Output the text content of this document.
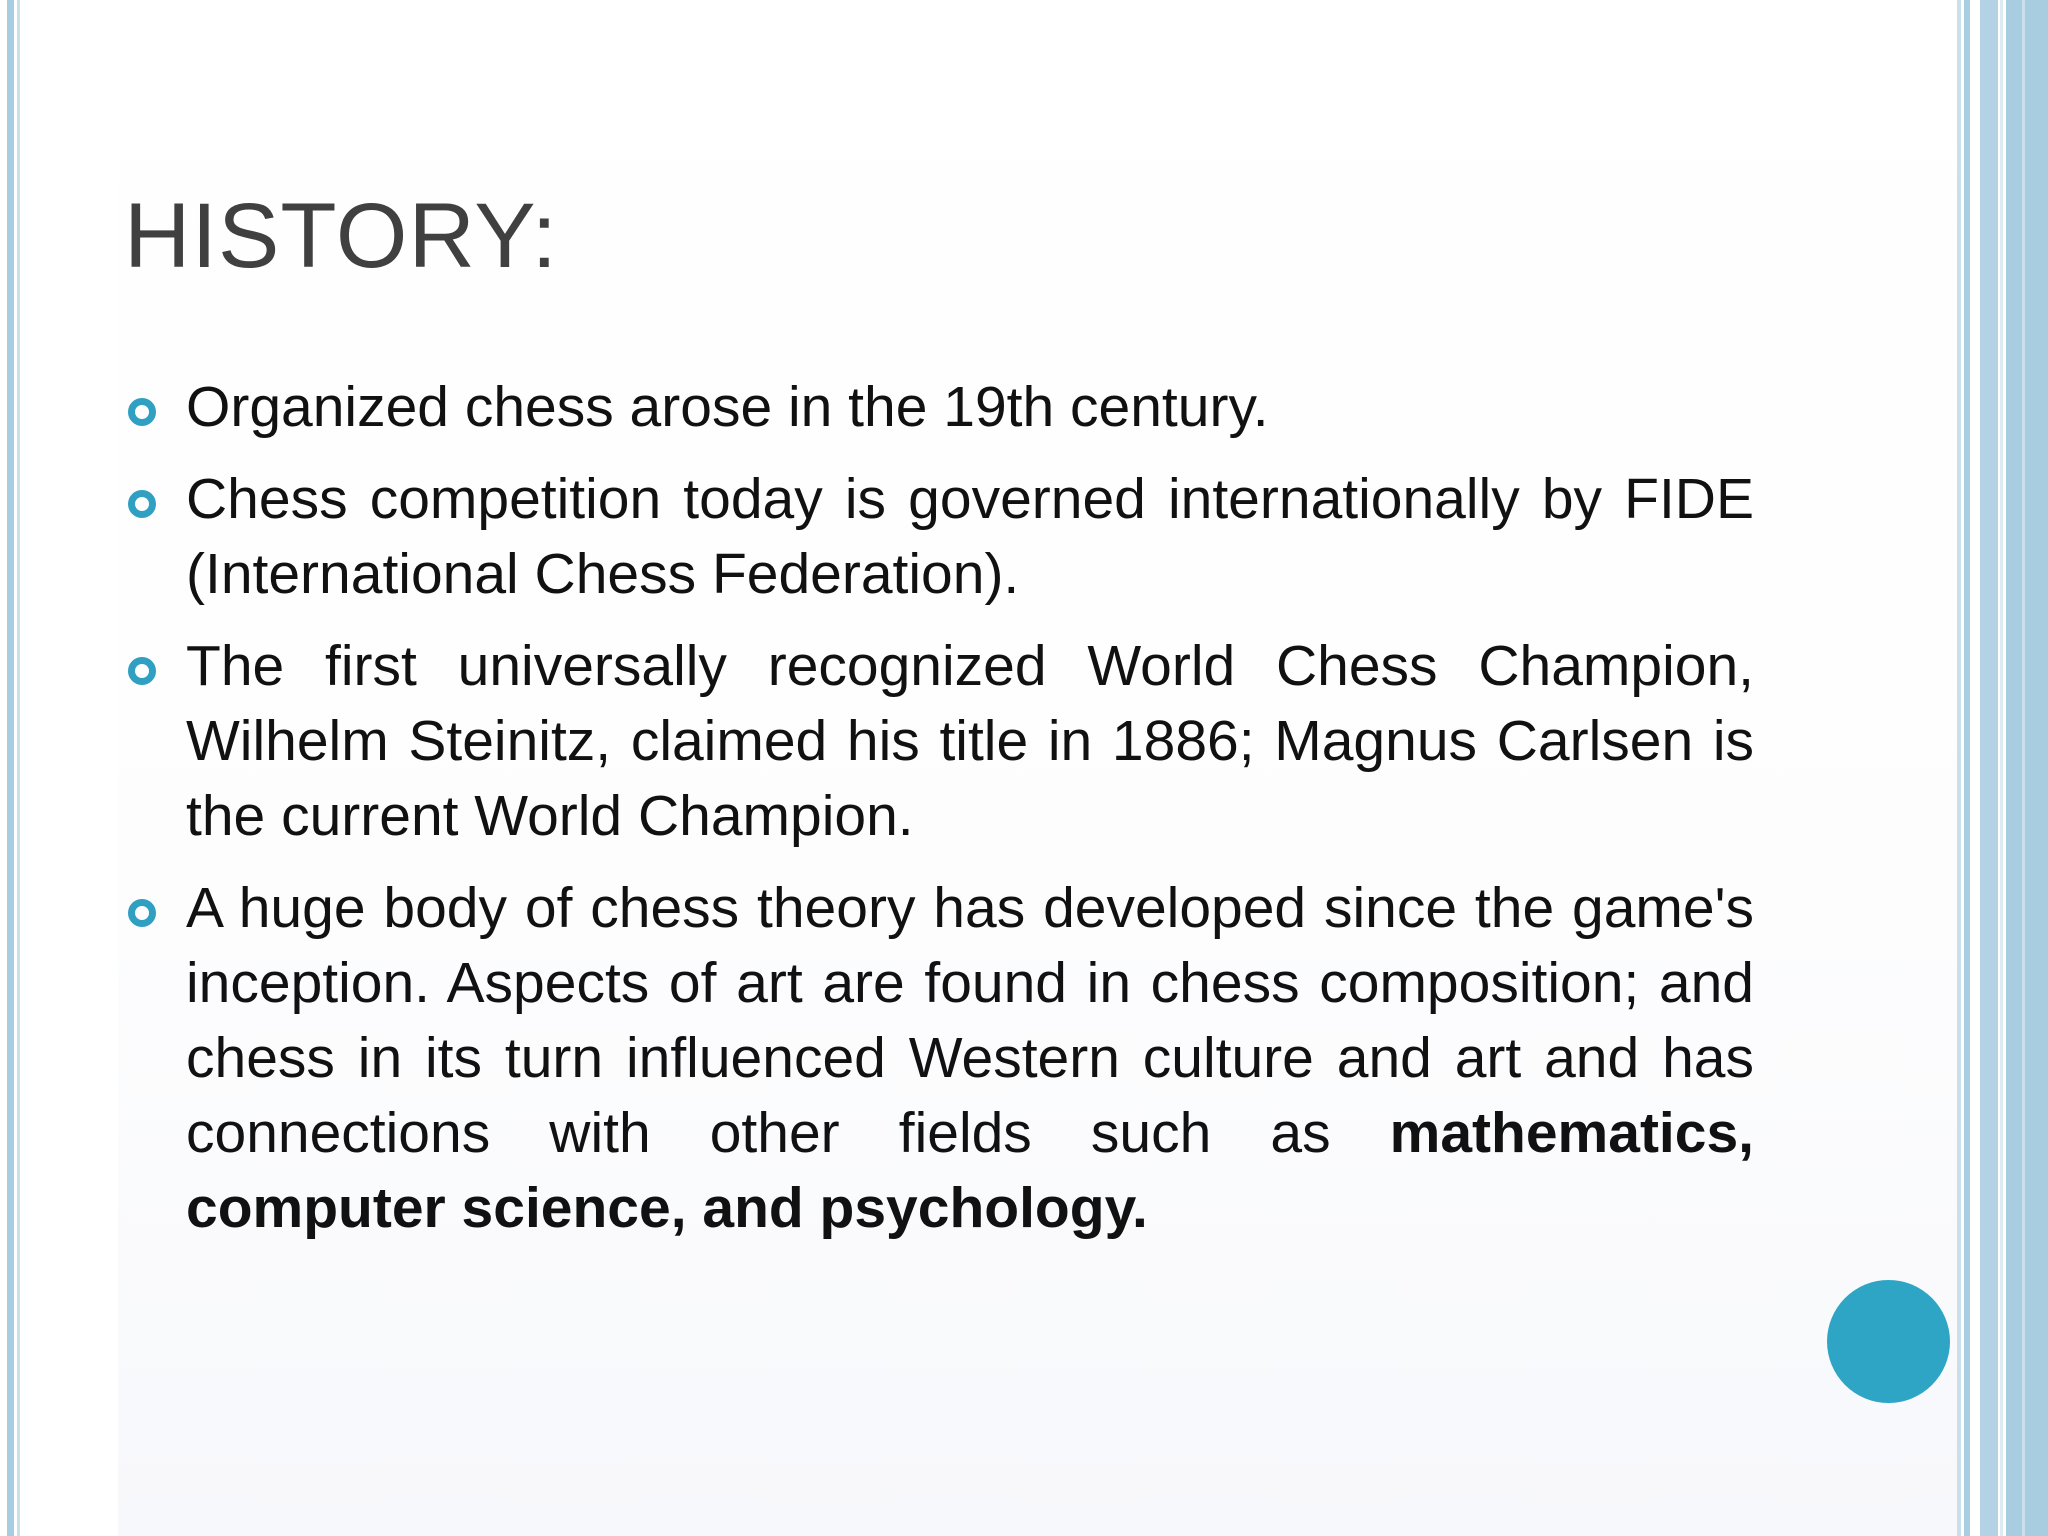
HISTORY:
Organized chess arose in the 19th century.
Chess competition today is governed internationally by FIDE (International Chess Federation).
The first universally recognized World Chess Champion, Wilhelm Steinitz, claimed his title in 1886; Magnus Carlsen is the current World Champion.
A huge body of chess theory has developed since the game's inception. Aspects of art are found in chess composition; and chess in its turn influenced Western culture and art and has connections with other fields such as mathematics, computer science, and psychology.
